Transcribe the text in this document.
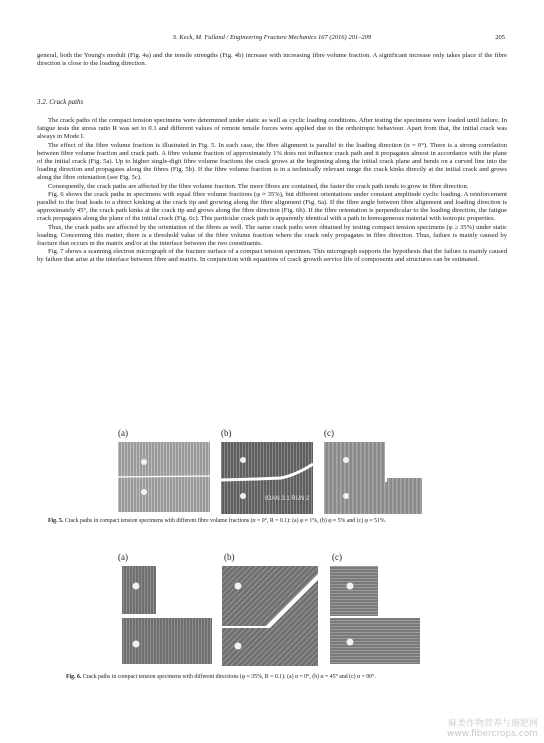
S. Keck, M. Fulland / Engineering Fracture Mechanics 167 (2016) 201–209	205

general, both the Young's moduli (Fig. 4a) and the tensile strengths (Fig. 4b) increase with increasing fibre volume fraction. A significant increase only takes place if the fibre direction is close to the loading direction.

3.2. Crack paths

The crack paths of the compact tension specimens were determined under static as well as cyclic loading conditions. After testing the specimens were loaded until failure. In fatigue tests the stress ratio R was set to 0.1 and different values of remote tensile forces were applied due to the orthotropic behaviour. Apart from that, the initial crack was always in Mode I.

The effect of the fibre volume fraction is illustrated in Fig. 5. In each case, the fibre alignment is parallel to the loading direction (α = 0°). There is a strong correlation between fibre volume fraction and crack path. A fibre volume fraction of approximately 1% does not influence crack path and it propagates almost in accordance with the plane of the initial crack (Fig. 5a). Up to higher single-digit fibre volume fractions the crack grows at the beginning along the initial crack plane and bends on a curved line into the loading direction and propagates along the fibres (Fig. 5b). If the fibre volume fraction is in a technically relevant range the crack kinks directly at the initial crack and grows along the fibre orientation (see Fig. 5c).

Consequently, the crack paths are affected by the fibre volume fraction. The more fibres are contained, the faster the crack path tends to grow in fibre direction.

Fig. 6 shows the crack paths in specimens with equal fibre volume fractions (φ ≈ 35%), but different orientations under constant amplitude cyclic loading. A reinforcement parallel to the load leads to a direct kinking at the crack tip and growing along the fibre alignment (Fig. 6a). If the fibre angle between fibre alignment and loading direction is approximately 45°, the crack path kinks at the crack tip and grows along the fibre direction (Fig. 6b). If the fibre orientation is perpendicular to the loading direction, the fatigue crack propagates along the plane of the initial crack (Fig. 6c). This particular crack path is apparently identical with a path in homogeneous material with isotropic properties.

Thus, the crack paths are affected by the orientation of the fibres as well. The same crack paths were obtained by testing compact tension specimens (φ ≥ 35%) under static loading. Concerning this matter, there is a threshold value of the fibre volume fraction where the crack only propagates in fibre direction. Thus, failure is mainly caused by fracture that occurs in the matrix and/or at the interface between the two constituents.

Fig. 7 shows a scanning electron micrograph of the fracture surface of a compact tension specimen. This micrograph supports the hypothesis that the failure is mainly caused by failure that arise at the interface between fibre and matrix. In conjunction with equations of crack growth service life of components and structures can be estimated.

(a)	(b)	(c)
IOAN 3.1 RUN 2
Fig. 5. Crack paths in compact tension specimens with different fibre volume fractions (α = 0°, R = 0.1): (a) φ ≈ 1%, (b) φ ≈ 5% and (c) φ ≈ 51%.
(a)	(b)	(c)
Fig. 6. Crack paths in compact tension specimens with different directions (φ ≈ 35%, R = 0.1): (a) α = 0°, (b) α = 45° and (c) α = 90°.
麻类作物营养与施肥网
www.fibercrops.com
